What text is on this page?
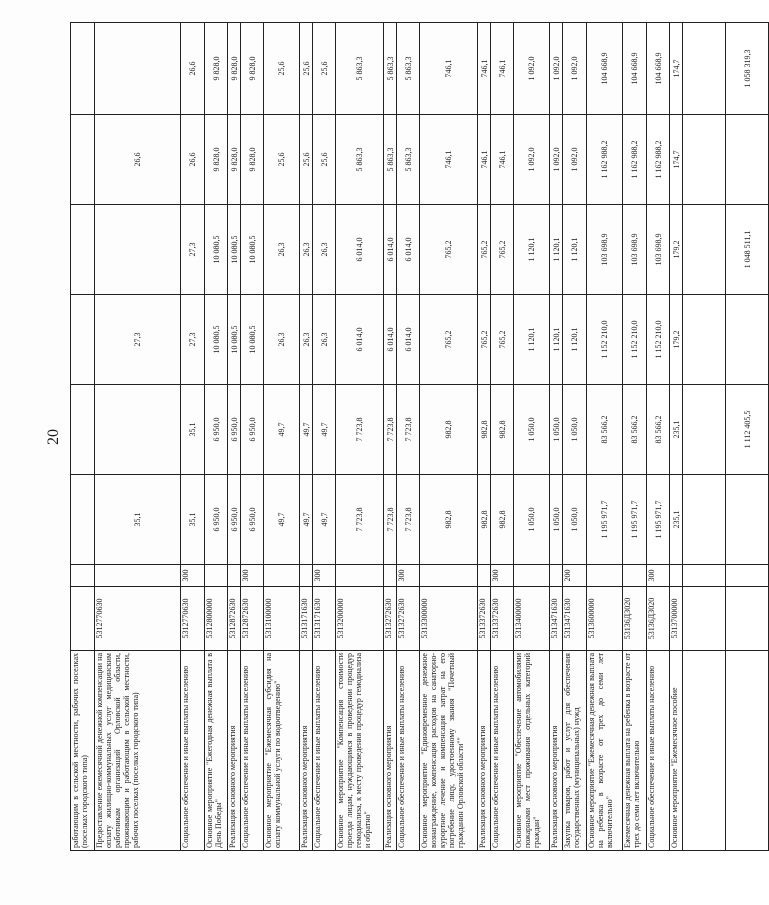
20
работающим в сельской местности, рабочих поселках (поселках городского типа)								
Предоставление ежемесячной денежной компенсации на оплату жилищно-коммунальных услуг медицинским работникам организаций Орловской области, проживающим и работающим в сельской местности, рабочих поселках (поселках городского типа)	5312770630		35,1		27,3		26,6	
Социальное обеспечение и иные выплаты населению	5312770630	300	35,1	35,1	27,3	27,3	26,6	26,6
Основное мероприятие "Ежегодная денежная выплата в День Победы"	5312800000		6 950,0	6 950,0	10 080,5	10 080,5	9 828,0	9 828,0
Реализация основного мероприятия	5312872630		6 950,0	6 950,0	10 080,5	10 080,5	9 828,0	9 828,0
Социальное обеспечение и иные выплаты населению	5312872630	300	6 950,0	6 950,0	10 080,5	10 080,5	9 828,0	9 828,0
Основное мероприятие "Ежемесячная субсидия на оплату коммунальной услуги по водоотведению"	5313100000		49,7	49,7	26,3	26,3	25,6	25,6
Реализация основного мероприятия	5313171630		49,7	49,7	26,3	26,3	25,6	25,6
Социальное обеспечение и иные выплаты населению	5313171630	300	49,7	49,7	26,3	26,3	25,6	25,6
Основное мероприятие "Компенсация стоимости проезда лицам, нуждающимся в проведении процедур гемодиализа, к месту проведения процедур гемодиализа и обратно"	5313200000		7 723,8	7 723,8	6 014,0	6 014,0	5 863,3	5 863,3
Реализация основного мероприятия	5313272630		7 723,8	7 723,8	6 014,0	6 014,0	5 863,3	5 863,3
Социальное обеспечение и иные выплаты населению	5313272630	300	7 723,8	7 723,8	6 014,0	6 014,0	5 863,3	5 863,3
Основное мероприятие "Единовременное денежное вознаграждение, компенсация расходов на санаторно-курортное лечение и компенсация затрат на его погребение лицу, удостоенному звания "Почетный гражданин Орловской области""	5313300000		982,8	982,8	765,2	765,2	746,1	746,1
Реализация основного мероприятия	5313372630		982,8	982,8	765,2	765,2	746,1	746,1
Социальное обеспечение и иные выплаты населению	5313372630	300	982,8	982,8	765,2	765,2	746,1	746,1
Основное мероприятие "Обеспечение автомобилями пожарными мест проживания отдельных категорий граждан"	5313400000		1 050,0	1 050,0	1 120,1	1 120,1	1 092,0	1 092,0
Реализация основного мероприятия	5313471630		1 050,0	1 050,0	1 120,1	1 120,1	1 092,0	1 092,0
Закупка товаров, работ и услуг для обеспечения государственных (муниципальных) нужд	5313471630	200	1 050,0	1 050,0	1 120,1	1 120,1	1 092,0	1 092,0
Основное мероприятие "Ежемесячная денежная выплата на ребенка в возрасте от трех до семи лет включительно"	5313600000		1 195 971,7	83 566,2	1 152 210,0	103 698,9	1 162 988,2	104 668,9
Ежемесячная денежная выплата на ребенка в возрасте от трех до семи лет включительно	53136Д3020		1 195 971,7	83 566,2	1 152 210,0	103 698,9	1 162 988,2	104 668,9
Социальное обеспечение и иные выплаты населению	53136Д3020	300	1 195 971,7	83 566,2	1 152 210,0	103 698,9	1 162 988,2	104 668,9
Основное мероприятие "Ежемесячное пособие	5313700000		235,1	235,1	179,2	179,2	174,7	174,7

				1 112 405,5		1 048 511,1		1 058 319,3
